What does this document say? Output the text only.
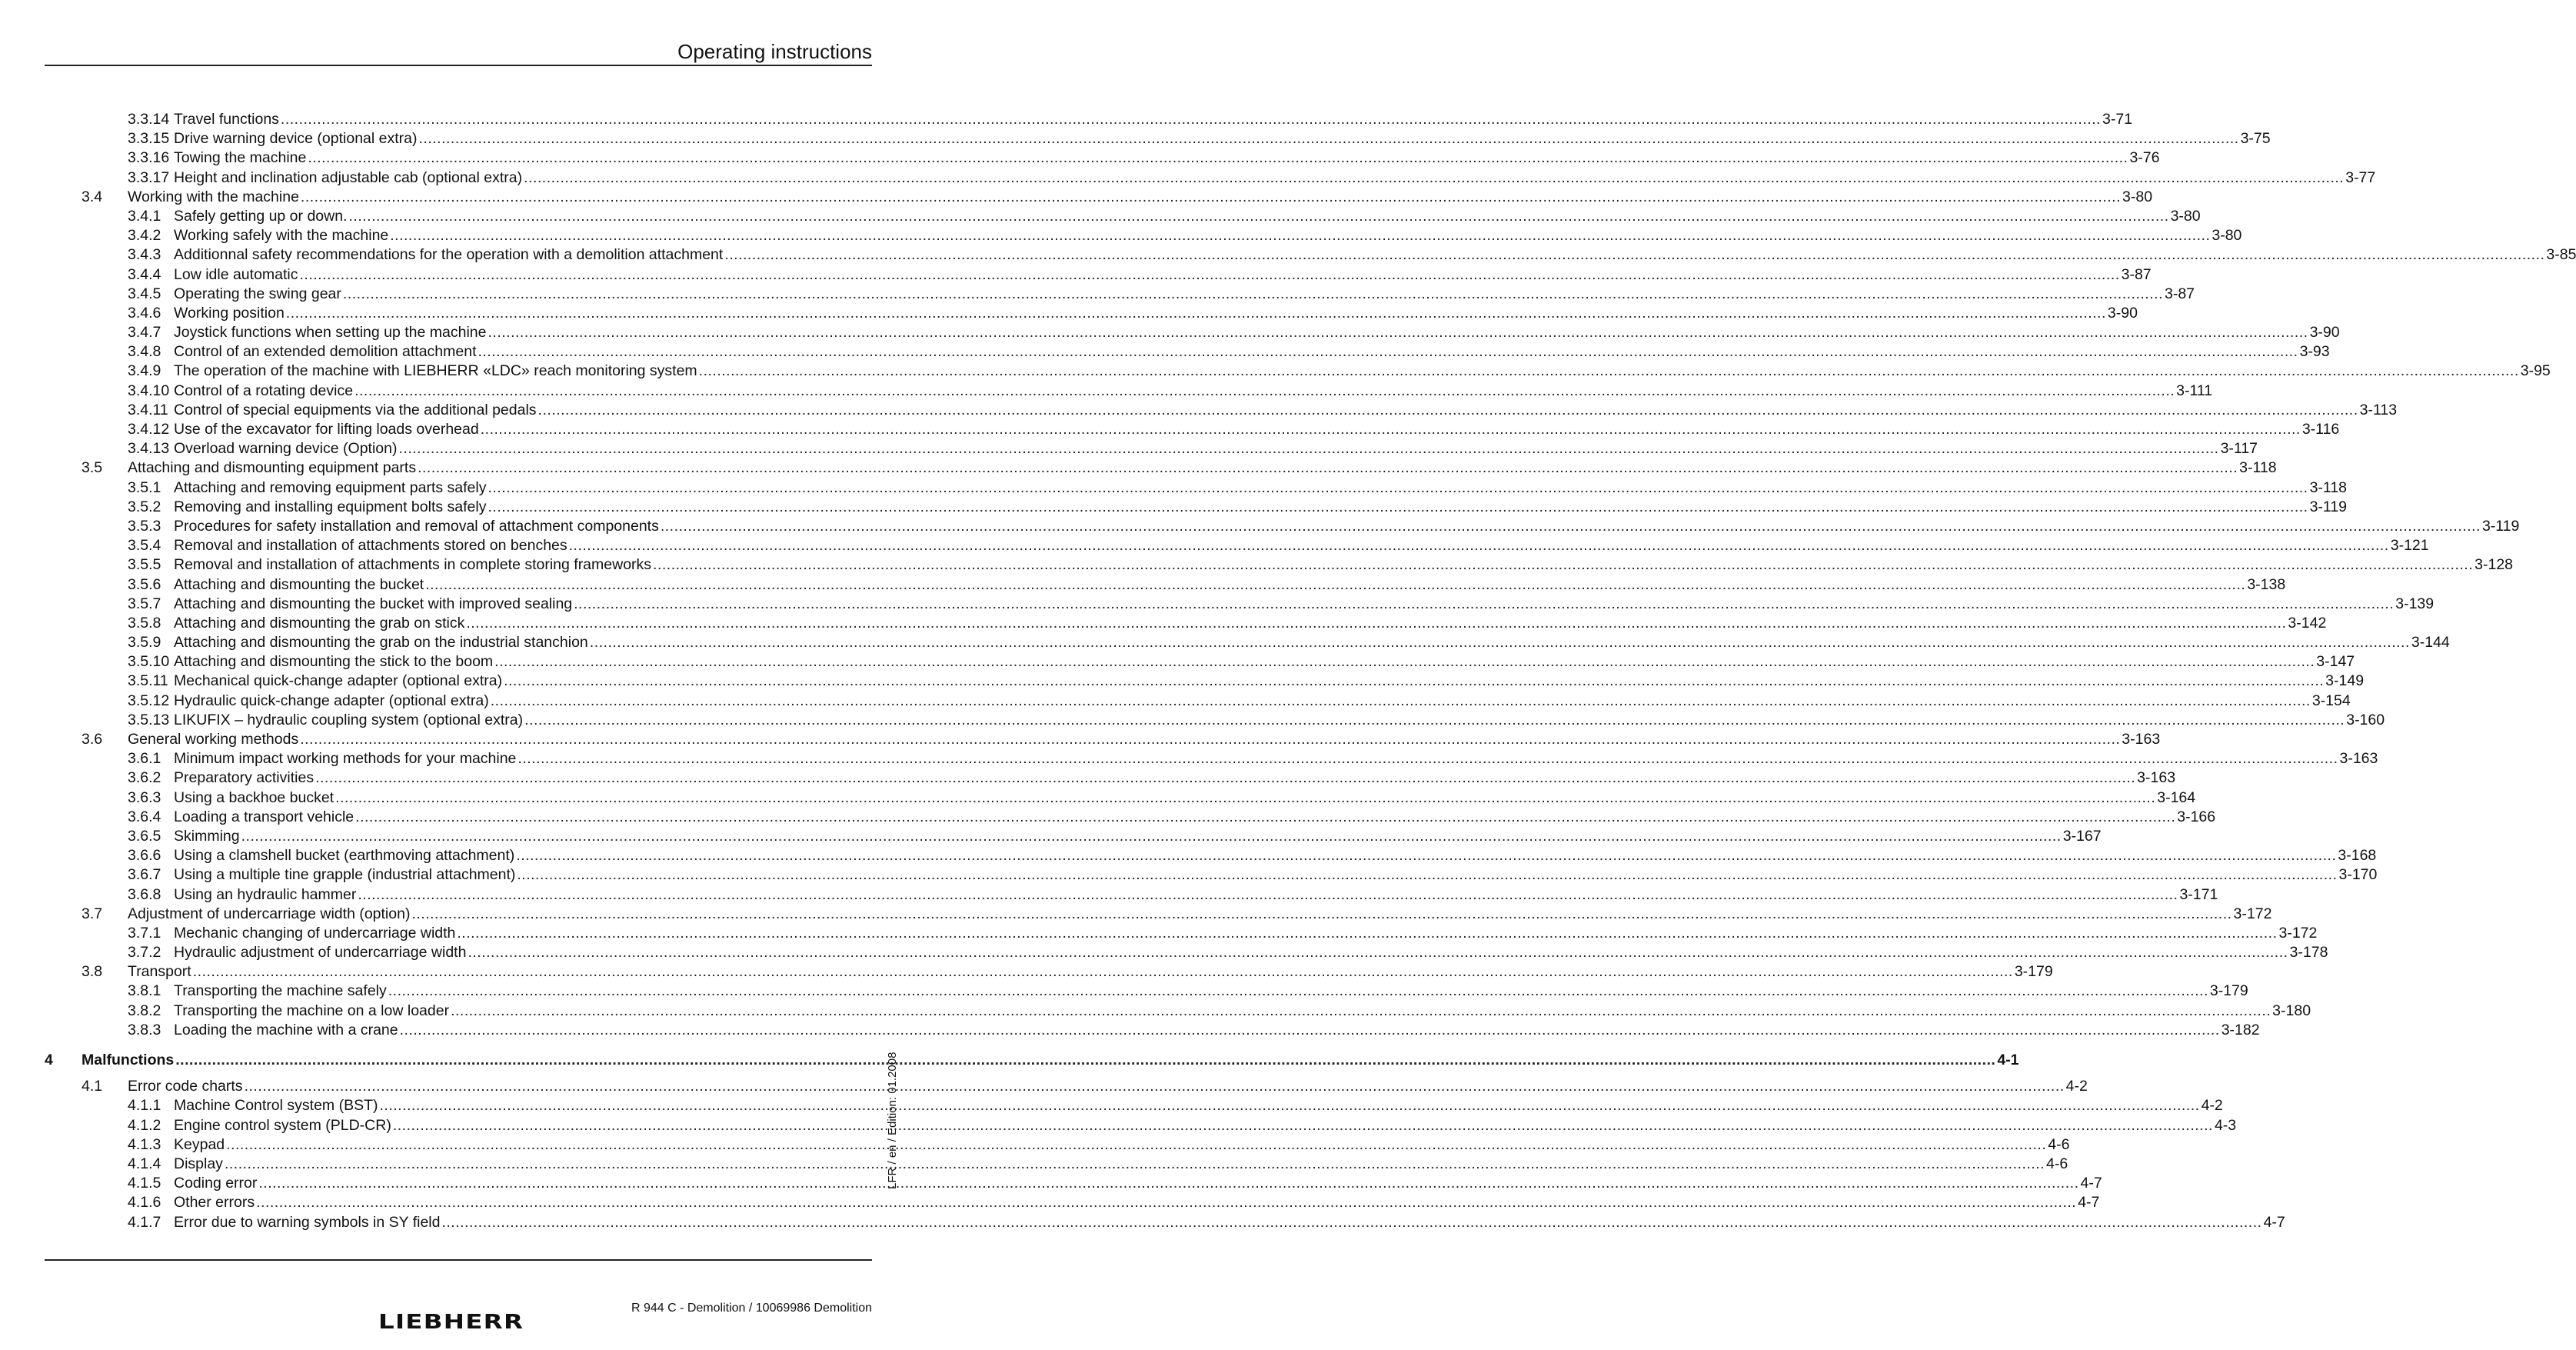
Operating instructions
3.3.14 Travel functions ................................................................................................................................................................................................................................................................................................................................................................................................................ 3-71
3.3.15 Drive warning device (optional extra) ................................................................................................................................................................................................................................................................................................................................................................................................................ 3-75
3.3.16 Towing the machine ................................................................................................................................................................................................................................................................................................................................................................................................................ 3-76
3.3.17 Height and inclination adjustable cab (optional extra) ................................................................................................................................................................................................................................................................................................................................................................................................................ 3-77
3.4 Working with the machine ................................................................................................................................................................................................................................................................................................................................................................................................................ 3-80
3.4.1 Safely getting up or down. ................................................................................................................................................................................................................................................................................................................................................................................................................ 3-80
3.4.2 Working safely with the machine ................................................................................................................................................................................................................................................................................................................................................................................................................ 3-80
3.4.3 Additionnal safety recommendations for the operation with a demolition attachment ................................................................................................................................................................................................................................................................................................................................................................................................................ 3-85
3.4.4 Low idle automatic ................................................................................................................................................................................................................................................................................................................................................................................................................ 3-87
3.4.5 Operating the swing gear ................................................................................................................................................................................................................................................................................................................................................................................................................ 3-87
3.4.6 Working position ................................................................................................................................................................................................................................................................................................................................................................................................................ 3-90
3.4.7 Joystick functions when setting up the machine ................................................................................................................................................................................................................................................................................................................................................................................................................ 3-90
3.4.8 Control of an extended demolition attachment ................................................................................................................................................................................................................................................................................................................................................................................................................ 3-93
3.4.9 The operation of the machine with LIEBHERR «LDC» reach monitoring system ................................................................................................................................................................................................................................................................................................................................................................................................................ 3-95
3.4.10 Control of a rotating device ................................................................................................................................................................................................................................................................................................................................................................................................................ 3-111
3.4.11 Control of special equipments via the additional pedals ................................................................................................................................................................................................................................................................................................................................................................................................................ 3-113
3.4.12 Use of the excavator for lifting loads overhead ................................................................................................................................................................................................................................................................................................................................................................................................................ 3-116
3.4.13 Overload warning device (Option) ................................................................................................................................................................................................................................................................................................................................................................................................................ 3-117
3.5 Attaching and dismounting equipment parts ................................................................................................................................................................................................................................................................................................................................................................................................................ 3-118
3.5.1 Attaching and removing equipment parts safely ................................................................................................................................................................................................................................................................................................................................................................................................................ 3-118
3.5.2 Removing and installing equipment bolts safely ................................................................................................................................................................................................................................................................................................................................................................................................................ 3-119
3.5.3 Procedures for safety installation and removal of attachment components ................................................................................................................................................................................................................................................................................................................................................................................................................ 3-119
3.5.4 Removal and installation of attachments stored on benches ................................................................................................................................................................................................................................................................................................................................................................................................................ 3-121
3.5.5 Removal and installation of attachments in complete storing frameworks ................................................................................................................................................................................................................................................................................................................................................................................................................ 3-128
3.5.6 Attaching and dismounting the bucket ................................................................................................................................................................................................................................................................................................................................................................................................................ 3-138
3.5.7 Attaching and dismounting the bucket with improved sealing ................................................................................................................................................................................................................................................................................................................................................................................................................ 3-139
3.5.8 Attaching and dismounting the grab on stick ................................................................................................................................................................................................................................................................................................................................................................................................................ 3-142
3.5.9 Attaching and dismounting the grab on the industrial stanchion ................................................................................................................................................................................................................................................................................................................................................................................................................ 3-144
3.5.10 Attaching and dismounting the stick to the boom ................................................................................................................................................................................................................................................................................................................................................................................................................ 3-147
3.5.11 Mechanical quick-change adapter (optional extra) ................................................................................................................................................................................................................................................................................................................................................................................................................ 3-149
3.5.12 Hydraulic quick-change adapter (optional extra) ................................................................................................................................................................................................................................................................................................................................................................................................................ 3-154
3.5.13 LIKUFIX – hydraulic coupling system (optional extra) ................................................................................................................................................................................................................................................................................................................................................................................................................ 3-160
3.6 General working methods ................................................................................................................................................................................................................................................................................................................................................................................................................ 3-163
3.6.1 Minimum impact working methods for your machine ................................................................................................................................................................................................................................................................................................................................................................................................................ 3-163
3.6.2 Preparatory activities ................................................................................................................................................................................................................................................................................................................................................................................................................ 3-163
3.6.3 Using a backhoe bucket ................................................................................................................................................................................................................................................................................................................................................................................................................ 3-164
3.6.4 Loading a transport vehicle ................................................................................................................................................................................................................................................................................................................................................................................................................ 3-166
3.6.5 Skimming ................................................................................................................................................................................................................................................................................................................................................................................................................ 3-167
3.6.6 Using a clamshell bucket (earthmoving attachment) ................................................................................................................................................................................................................................................................................................................................................................................................................ 3-168
3.6.7 Using a multiple tine grapple (industrial attachment) ................................................................................................................................................................................................................................................................................................................................................................................................................ 3-170
3.6.8 Using an hydraulic hammer ................................................................................................................................................................................................................................................................................................................................................................................................................ 3-171
3.7 Adjustment of undercarriage width (option) ................................................................................................................................................................................................................................................................................................................................................................................................................ 3-172
3.7.1 Mechanic changing of undercarriage width ................................................................................................................................................................................................................................................................................................................................................................................................................ 3-172
3.7.2 Hydraulic adjustment of undercarriage width ................................................................................................................................................................................................................................................................................................................................................................................................................ 3-178
3.8 Transport ................................................................................................................................................................................................................................................................................................................................................................................................................ 3-179
3.8.1 Transporting the machine safely ................................................................................................................................................................................................................................................................................................................................................................................................................ 3-179
3.8.2 Transporting the machine on a low loader ................................................................................................................................................................................................................................................................................................................................................................................................................ 3-180
3.8.3 Loading the machine with a crane ................................................................................................................................................................................................................................................................................................................................................................................................................ 3-182
4 Malfunctions ................................................................................................................................................................................................................................................................................................................................................................................................................ 4-1
4.1 Error code charts ................................................................................................................................................................................................................................................................................................................................................................................................................ 4-2
4.1.1 Machine Control system (BST) ................................................................................................................................................................................................................................................................................................................................................................................................................ 4-2
4.1.2 Engine control system (PLD-CR) ................................................................................................................................................................................................................................................................................................................................................................................................................ 4-3
4.1.3 Keypad ................................................................................................................................................................................................................................................................................................................................................................................................................ 4-6
4.1.4 Display ................................................................................................................................................................................................................................................................................................................................................................................................................ 4-6
4.1.5 Coding error ................................................................................................................................................................................................................................................................................................................................................................................................................ 4-7
4.1.6 Other errors ................................................................................................................................................................................................................................................................................................................................................................................................................ 4-7
4.1.7 Error due to warning symbols in SY field ................................................................................................................................................................................................................................................................................................................................................................................................................ 4-7
LFR / en / Edition: 01.2008
R 944 C - Demolition / 10069986 Demolition
LIEBHERR
